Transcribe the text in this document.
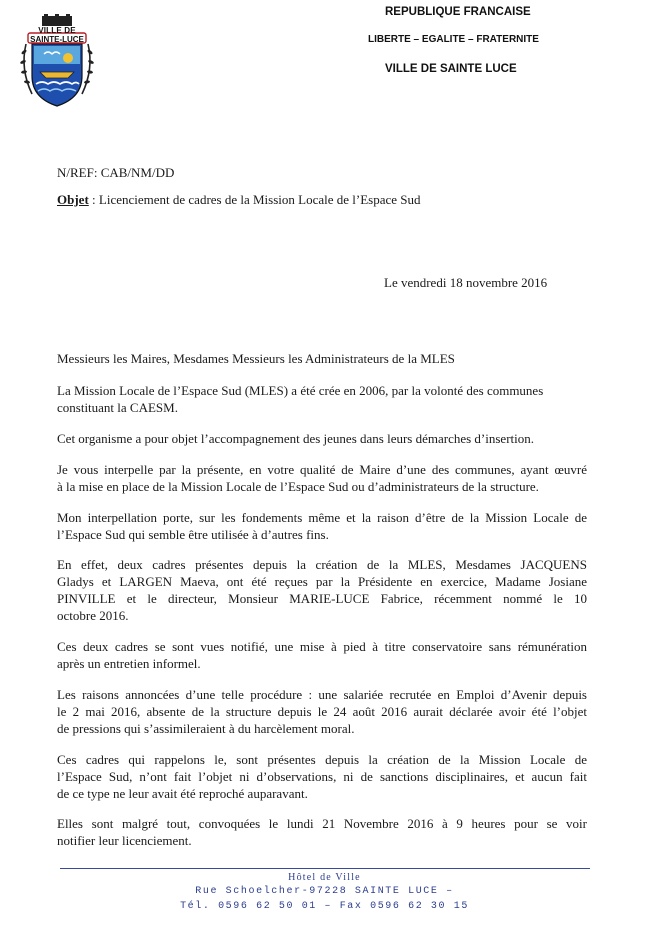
VILLE DE
SAINTE-LUCE
REPUBLIQUE FRANCAISE
LIBERTE – EGALITE – FRATERNITE
VILLE DE SAINTE LUCE
N/REF: CAB/NM/DD
Objet : Licenciement de cadres de la Mission Locale de l’Espace Sud
Le vendredi 18 novembre 2016
Messieurs les Maires, Mesdames Messieurs les Administrateurs de la MLES
La Mission Locale de l’Espace Sud (MLES) a été crée en 2006, par la volonté des communes
constituant la CAESM.
Cet organisme a pour objet l’accompagnement des jeunes dans leurs démarches d’insertion.
Je vous interpelle par la présente, en votre qualité de Maire d’une des communes, ayant œuvré
à la mise en place de la Mission Locale de l’Espace Sud ou d’administrateurs de la structure.
Mon interpellation porte, sur les fondements même et la raison d’être de la Mission Locale de
l’Espace Sud qui semble être utilisée à d’autres fins.
En effet, deux cadres présentes depuis la création de la MLES, Mesdames JACQUENS
Gladys et LARGEN Maeva, ont été reçues par la Présidente en exercice, Madame Josiane
PINVILLE et le directeur, Monsieur MARIE-LUCE Fabrice, récemment nommé le 10
octobre 2016.
Ces deux cadres se sont vues notifié, une mise à pied à titre conservatoire sans rémunération
après un entretien informel.
Les raisons annoncées d’une telle procédure : une salariée recrutée en Emploi d’Avenir depuis
le 2 mai 2016, absente de la structure depuis le 24 août 2016 aurait déclarée avoir été l’objet
de pressions qui s’assimileraient à du harcèlement moral.
Ces cadres qui rappelons le, sont présentes depuis la création de la Mission Locale de
l’Espace Sud, n’ont fait l’objet ni d’observations, ni de sanctions disciplinaires, et aucun fait
de ce type ne leur avait été reproché auparavant.
Elles sont malgré tout, convoquées le lundi 21 Novembre 2016 à 9 heures pour se voir
notifier leur licenciement.
Hôtel de Ville
Rue Schoelcher-97228 SAINTE LUCE –
Tél. 0596 62 50 01 – Fax 0596 62 30 15
